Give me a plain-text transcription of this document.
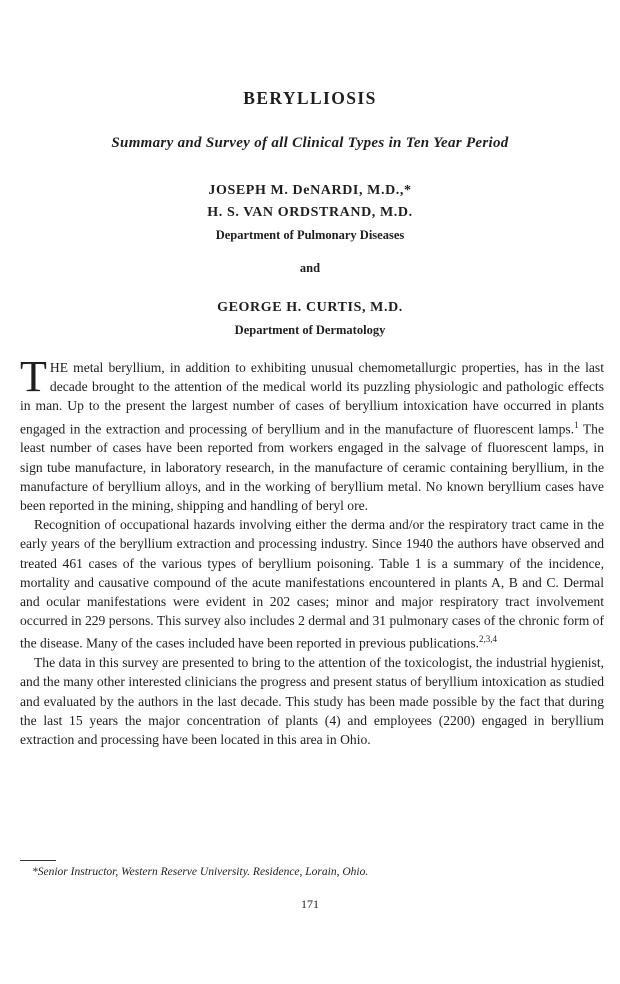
BERYLLIOSIS
Summary and Survey of all Clinical Types in Ten Year Period
JOSEPH M. DeNARDI, M.D.,*
H. S. VAN ORDSTRAND, M.D.
Department of Pulmonary Diseases
and
GEORGE H. CURTIS, M.D.
Department of Dermatology

THE metal beryllium, in addition to exhibiting unusual chemometallurgic properties, has in the last decade brought to the attention of the medical world its puzzling physiologic and pathologic effects in man. Up to the present the largest number of cases of beryllium intoxication have occurred in plants engaged in the extraction and processing of beryllium and in the manufacture of fluorescent lamps.$^1$ The least number of cases have been reported from workers engaged in the salvage of fluorescent lamps, in sign tube manufacture, in laboratory research, in the manufacture of ceramic containing beryllium, in the manufacture of beryllium alloys, and in the working of beryllium metal. No known beryllium cases have been reported in the mining, shipping and handling of beryl ore.

Recognition of occupational hazards involving either the derma and/or the respiratory tract came in the early years of the beryllium extraction and processing industry. Since 1940 the authors have observed and treated 461 cases of the various types of beryllium poisoning. Table 1 is a summary of the incidence, mortality and causative compound of the acute manifestations encountered in plants A, B and C. Dermal and ocular manifestations were evident in 202 cases; minor and major respiratory tract involvement occurred in 229 persons. This survey also includes 2 dermal and 31 pulmonary cases of the chronic form of the disease. Many of the cases included have been reported in previous publications.$^{2,3,4}$

The data in this survey are presented to bring to the attention of the toxicologist, the industrial hygienist, and the many other interested clinicians the progress and present status of beryllium intoxication as studied and evaluated by the authors in the last decade. This study has been made possible by the fact that during the last 15 years the major concentration of plants (4) and employees (2200) engaged in beryllium extraction and processing have been located in this area in Ohio.

*Senior Instructor, Western Reserve University. Residence, Lorain, Ohio.
171
